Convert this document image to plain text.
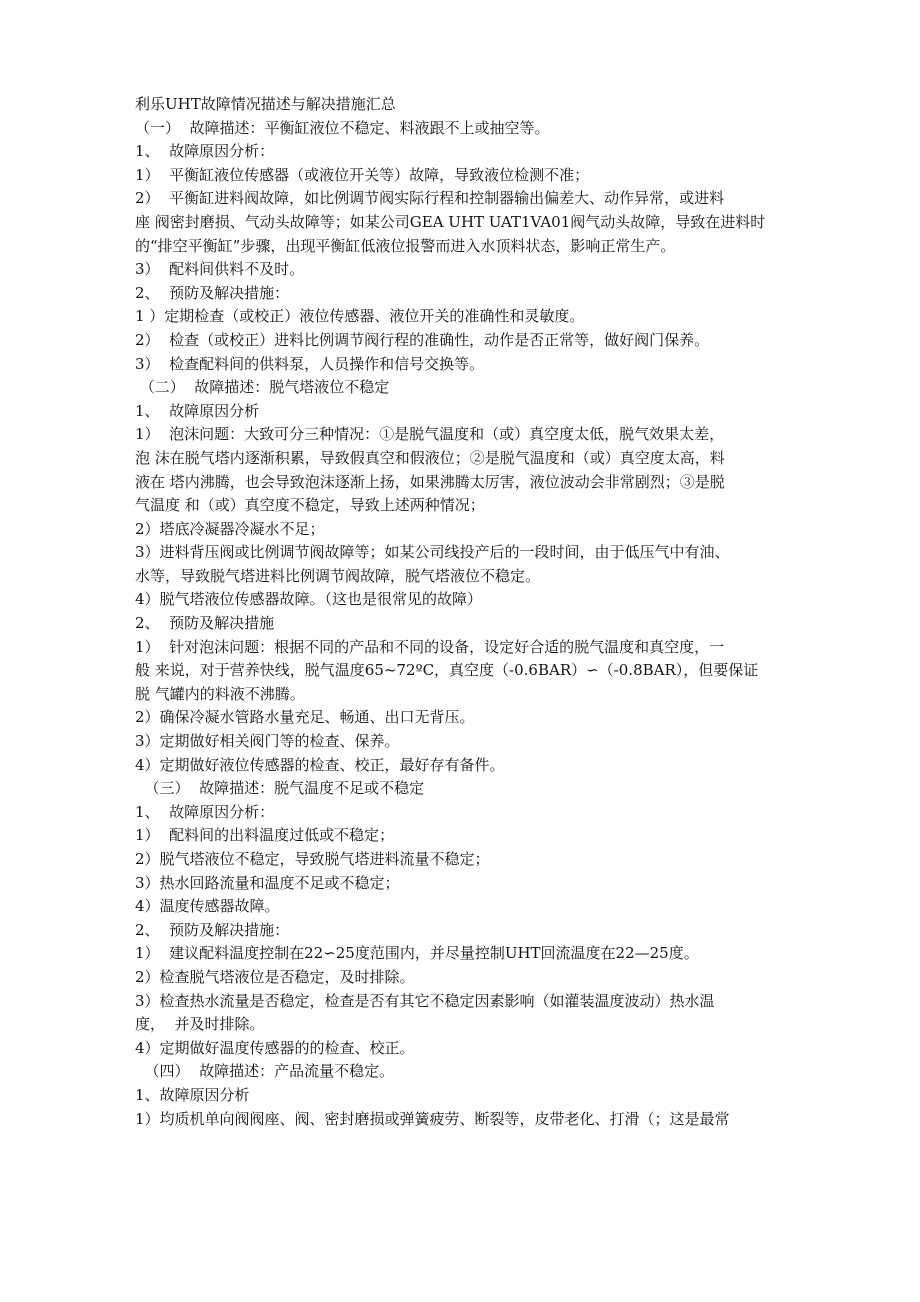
利乐UHT故障情况描述与解决措施汇总
（一）  故障描述：平衡缸液位不稳定、料液跟不上或抽空等。
1、  故障原因分析：
1）  平衡缸液位传感器（或液位开关等）故障，导致液位检测不准；
2）  平衡缸进料阀故障，如比例调节阀实际行程和控制器输出偏差大、动作异常，或进料
座 阀密封磨损、气动头故障等；如某公司GEA UHT UAT1VA01阀气动头故障，导致在进料时
的“排空平衡缸”步骤，出现平衡缸低液位报警而进入水顶料状态，影响正常生产。
3）  配料间供料不及时。
2、  预防及解决措施：
1 ）定期检查（或校正）液位传感器、液位开关的准确性和灵敏度。
2）  检查（或校正）进料比例调节阀行程的准确性，动作是否正常等，做好阀门保养。
3）  检查配料间的供料泵，人员操作和信号交换等。
（二）  故障描述：脱气塔液位不稳定
1、  故障原因分析
1）  泡沫问题：大致可分三种情况：①是脱气温度和（或）真空度太低，脱气效果太差，
泡 沫在脱气塔内逐渐积累，导致假真空和假液位；②是脱气温度和（或）真空度太高，料
液在 塔内沸腾，也会导致泡沫逐渐上扬，如果沸腾太厉害，液位波动会非常剧烈；③是脱
气温度 和（或）真空度不稳定，导致上述两种情况；
2）塔底冷凝器冷凝水不足；
3）进料背压阀或比例调节阀故障等；如某公司线投产后的一段时间，由于低压气中有油、
水等，导致脱气塔进料比例调节阀故障，脱气塔液位不稳定。
4）脱气塔液位传感器故障。（这也是很常见的故障）
2、  预防及解决措施
1）  针对泡沫问题：根据不同的产品和不同的设备，设定好合适的脱气温度和真空度，一
般 来说，对于营养快线，脱气温度65~72ºC，真空度（-0.6BAR）∽（-0.8BAR），但要保证
脱 气罐内的料液不沸腾。
2）确保冷凝水管路水量充足、畅通、出口无背压。
3）定期做好相关阀门等的检查、保养。
4）定期做好液位传感器的检查、校正，最好存有备件。
（三）  故障描述：脱气温度不足或不稳定
1、  故障原因分析：
1）  配料间的出料温度过低或不稳定；
2）脱气塔液位不稳定，导致脱气塔进料流量不稳定；
3）热水回路流量和温度不足或不稳定；
4）温度传感器故障。
2、  预防及解决措施：
1）  建议配料温度控制在22∽25度范围内，并尽量控制UHT回流温度在22—25度。
2）检查脱气塔液位是否稳定，及时排除。
3）检查热水流量是否稳定，检查是否有其它不稳定因素影响（如灌装温度波动）热水温
度，  并及时排除。
4）定期做好温度传感器的的检查、校正。
（四）  故障描述：产品流量不稳定。
1、故障原因分析
1）均质机单向阀阀座、阀、密封磨损或弹簧疲劳、断裂等，皮带老化、打滑（；这是最常
